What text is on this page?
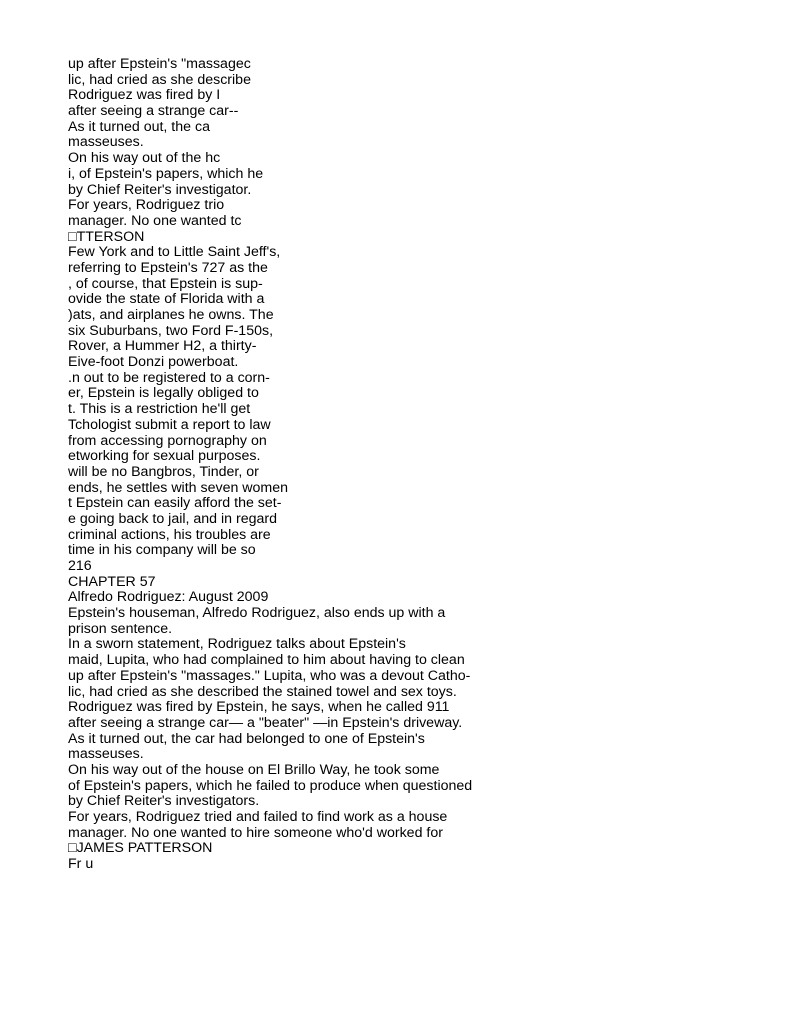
up after Epstein's "massagec
lic, had cried as she describe
Rodriguez was fired by I
after seeing a strange car--
As it turned out, the ca
masseuses.
On his way out of the hc
i, of Epstein's papers, which he
by Chief Reiter's investigator.
For years, Rodriguez trio
manager. No one wanted tc
□TTERSON
Few York and to Little Saint Jeff's,
referring to Epstein's 727 as the
, of course, that Epstein is sup-
ovide the state of Florida with a
)ats, and airplanes he owns. The
six Suburbans, two Ford F-150s,
Rover, a Hummer H2, a thirty-
Eive-foot Donzi powerboat.
.n out to be registered to a corn-
er, Epstein is legally obliged to
t. This is a restriction he'll get
Tchologist submit a report to law
from accessing pornography on
etworking for sexual purposes.
will be no Bangbros, Tinder, or
ends, he settles with seven women
t Epstein can easily afford the set-
e going back to jail, and in regard
criminal actions, his troubles are
time in his company will be so
216
CHAPTER 57
Alfredo Rodriguez: August 2009
Epstein's houseman, Alfredo Rodriguez, also ends up with a
prison sentence.
In a sworn statement, Rodriguez talks about Epstein's
maid, Lupita, who had complained to him about having to clean
up after Epstein's "massages." Lupita, who was a devout Catho-
lic, had cried as she described the stained towel and sex toys.
Rodriguez was fired by Epstein, he says, when he called 911
after seeing a strange car— a "beater" —in Epstein's driveway.
As it turned out, the car had belonged to one of Epstein's
masseuses.
On his way out of the house on El Brillo Way, he took some
of Epstein's papers, which he failed to produce when questioned
by Chief Reiter's investigators.
For years, Rodriguez tried and failed to find work as a house
manager. No one wanted to hire someone who'd worked for
□JAMES PATTERSON
Fr u
